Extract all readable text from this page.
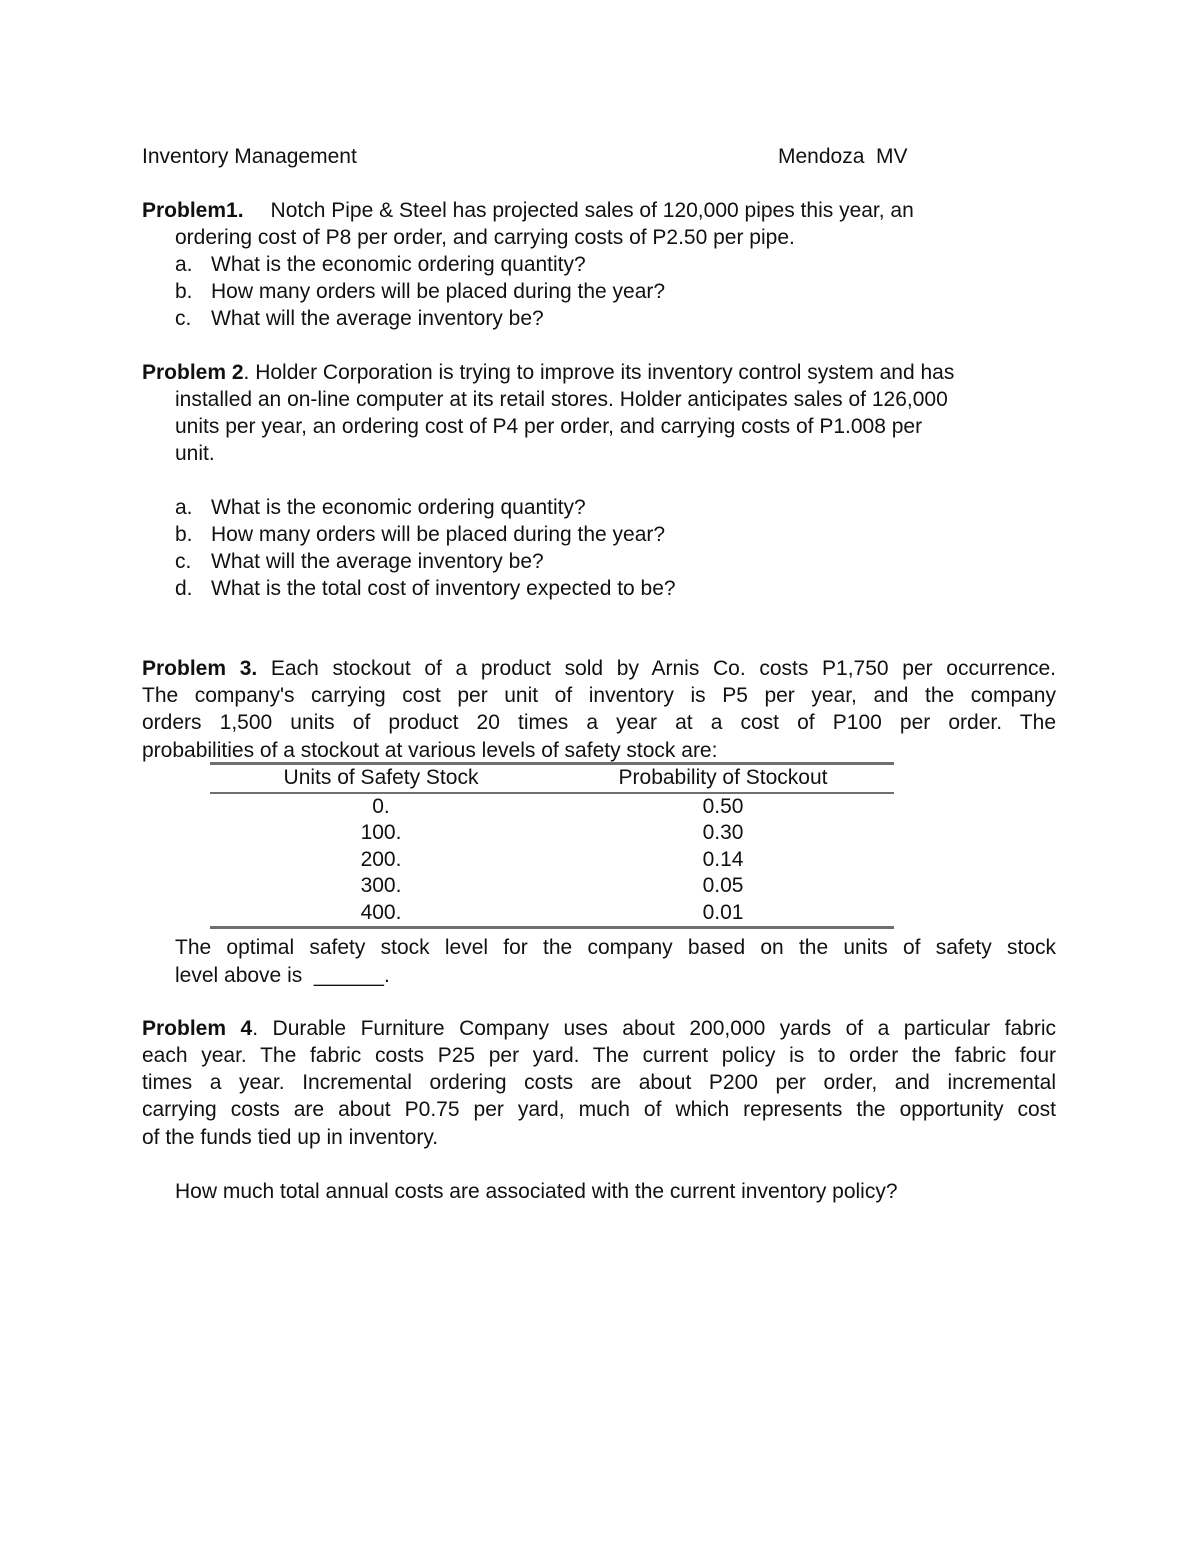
Inventory Management	Mendoza  MV
Problem1. Notch Pipe & Steel has projected sales of 120,000 pipes this year, an
ordering cost of P8 per order, and carrying costs of P2.50 per pipe.
a. What is the economic ordering quantity?
b. How many orders will be placed during the year?
c. What will the average inventory be?
Problem 2. Holder Corporation is trying to improve its inventory control system and has
installed an on-line computer at its retail stores. Holder anticipates sales of 126,000
units per year, an ordering cost of P4 per order, and carrying costs of P1.008 per
unit.
a. What is the economic ordering quantity?
b. How many orders will be placed during the year?
c. What will the average inventory be?
d. What is the total cost of inventory expected to be?
Problem 3. Each stockout of a product sold by Arnis Co. costs P1,750 per occurrence.
The company's carrying cost per unit of inventory is P5 per year, and the company
orders 1,500 units of product 20 times a year at a cost of P100 per order. The
probabilities of a stockout at various levels of safety stock are:
Units of Safety Stock	Probability of Stockout
0.	0.50
100.	0.30
200.	0.14
300.	0.05
400.	0.01
The optimal safety stock level for the company based on the units of safety stock
level above is  ______.
Problem 4. Durable Furniture Company uses about 200,000 yards of a particular fabric
each year. The fabric costs P25 per yard. The current policy is to order the fabric four
times a year. Incremental ordering costs are about P200 per order, and incremental
carrying costs are about P0.75 per yard, much of which represents the opportunity cost
of the funds tied up in inventory.
How much total annual costs are associated with the current inventory policy?
